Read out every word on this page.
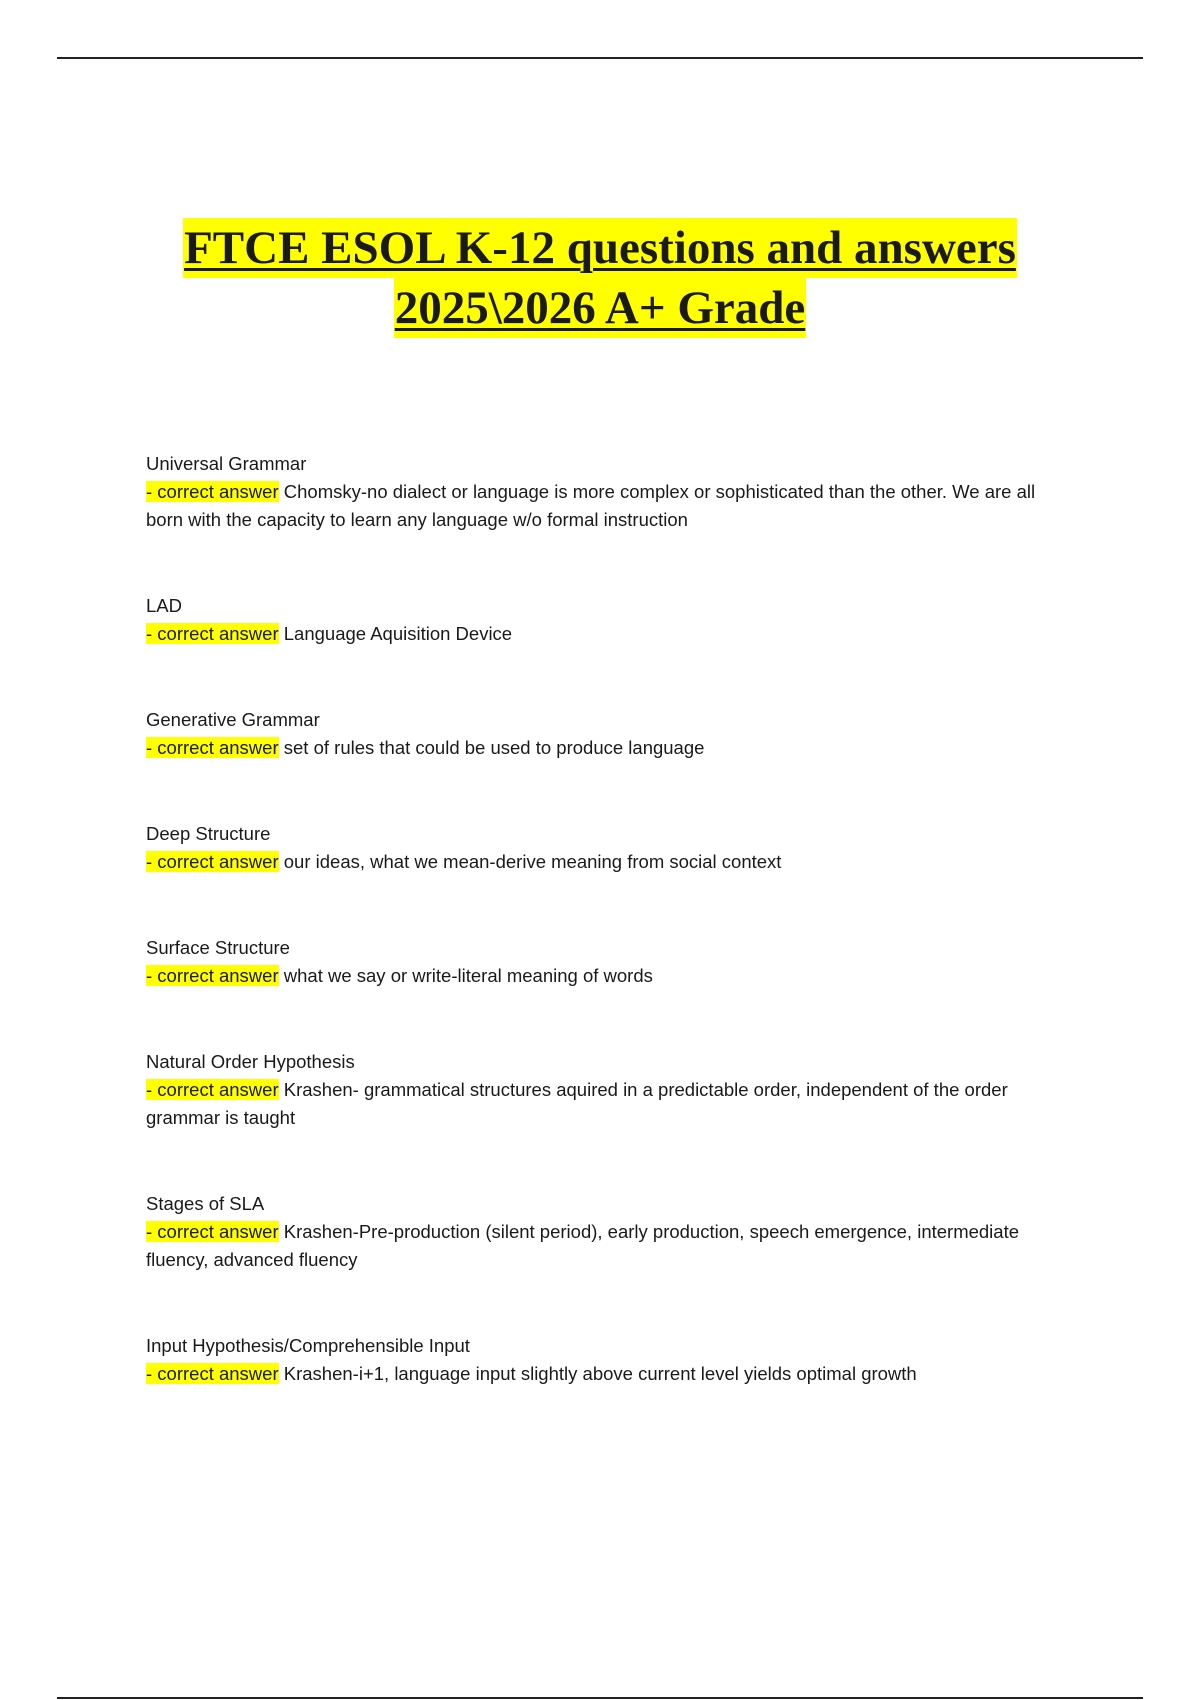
FTCE ESOL K-12 questions and answers
2025\2026 A+ Grade

Universal Grammar

- correct answer Chomsky-no dialect or language is more complex or sophisticated than the other. We are all born with the capacity to learn any language w/o formal instruction

LAD

- correct answer Language Aquisition Device

Generative Grammar

- correct answer set of rules that could be used to produce language

Deep Structure

- correct answer our ideas, what we mean-derive meaning from social context

Surface Structure

- correct answer what we say or write-literal meaning of words

Natural Order Hypothesis

- correct answer Krashen- grammatical structures aquired in a predictable order, independent of the order grammar is taught

Stages of SLA

- correct answer Krashen-Pre-production (silent period), early production, speech emergence, intermediate fluency, advanced fluency

Input Hypothesis/Comprehensible Input

- correct answer Krashen-i+1, language input slightly above current level yields optimal growth
